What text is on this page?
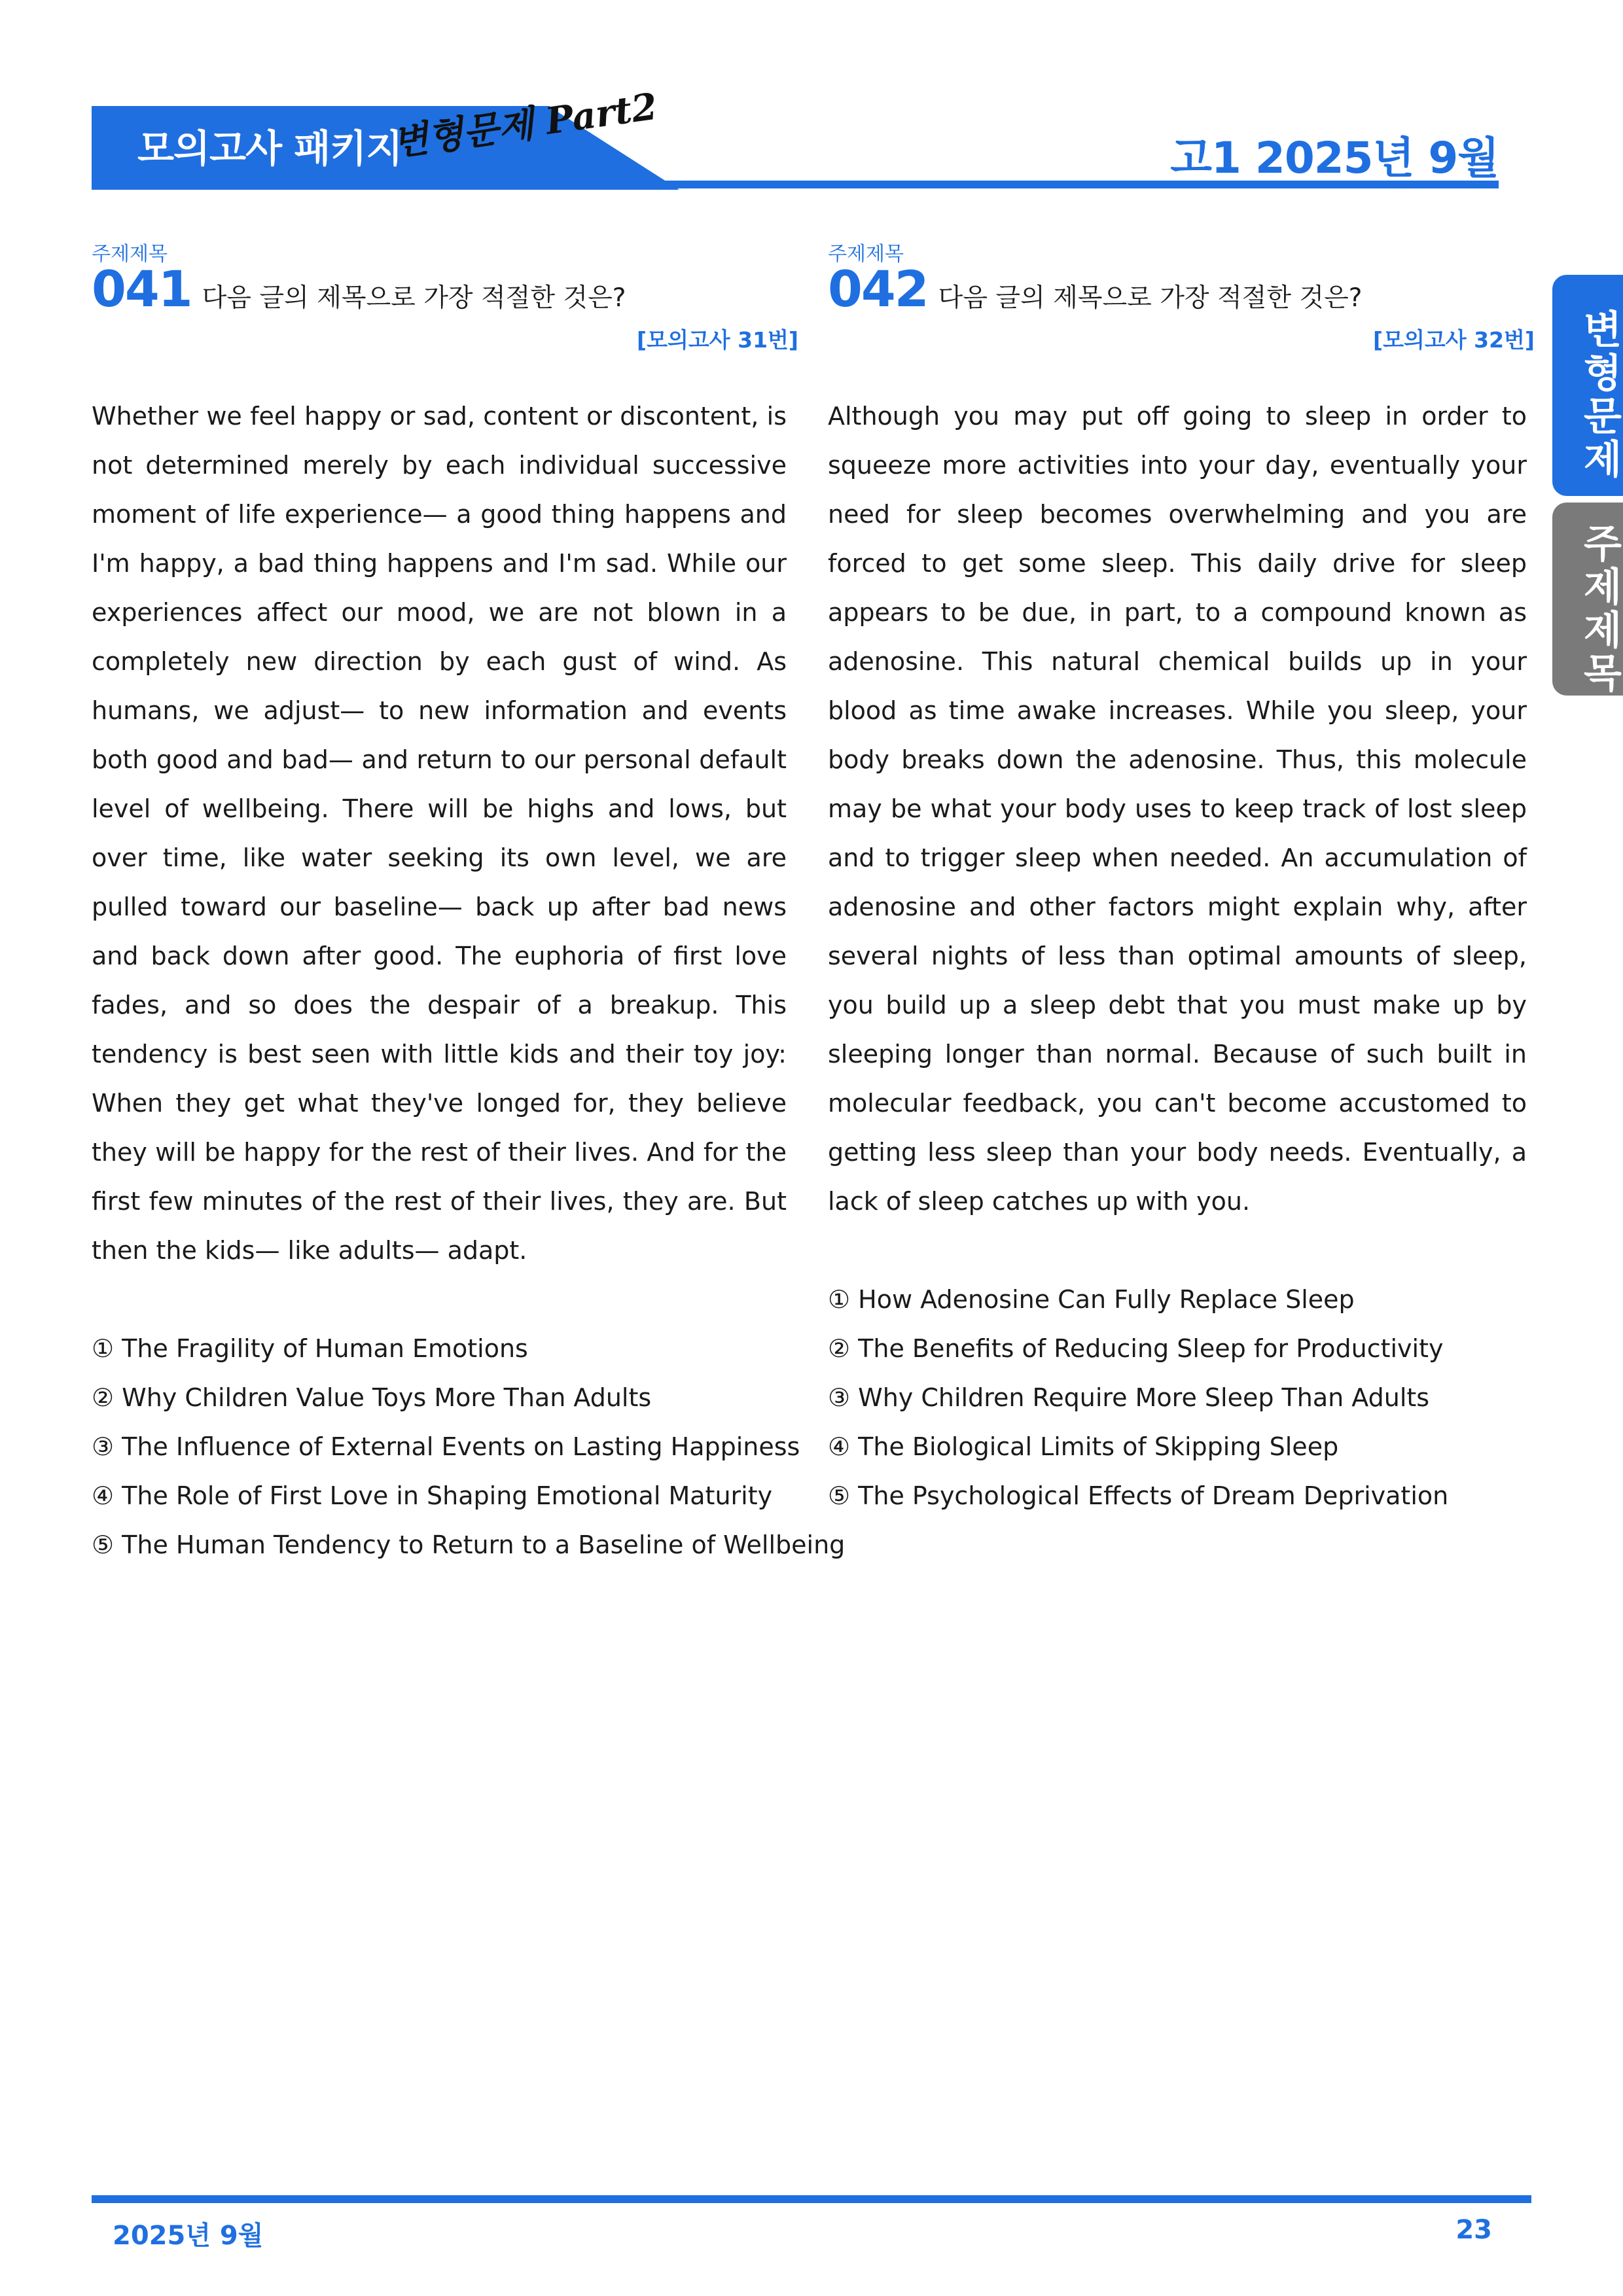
모의고사 패키지
변형문제 Part2	고1 2025년 9월
변형문제
주제제목
주제제목
041 다음 글의 제목으로 가장 적절한 것은?
[모의고사 31번]
Whether we feel happy or sad, content or discontent, is not determined merely by each individual successive moment of life experience— a good thing happens and I'm happy, a bad thing happens and I'm sad. While our experiences affect our mood, we are not blown in a completely new direction by each gust of wind. As humans, we adjust— to new information and events both good and bad— and return to our personal default level of wellbeing. There will be highs and lows, but over time, like water seeking its own level, we are pulled toward our baseline— back up after bad news and back down after good. The euphoria of first love fades, and so does the despair of a breakup. This tendency is best seen with little kids and their toy joy: When they get what they've longed for, they believe they will be happy for the rest of their lives. And for the first few minutes of the rest of their lives, they are. But then the kids— like adults— adapt.
① The Fragility of Human Emotions
② Why Children Value Toys More Than Adults
③ The Influence of External Events on Lasting Happiness
④ The Role of First Love in Shaping Emotional Maturity
⑤ The Human Tendency to Return to a Baseline of Wellbeing
주제제목
042 다음 글의 제목으로 가장 적절한 것은?
[모의고사 32번]
Although you may put off going to sleep in order to squeeze more activities into your day, eventually your need for sleep becomes overwhelming and you are forced to get some sleep. This daily drive for sleep appears to be due, in part, to a compound known as adenosine. This natural chemical builds up in your blood as time awake increases. While you sleep, your body breaks down the adenosine. Thus, this molecule may be what your body uses to keep track of lost sleep and to trigger sleep when needed. An accumulation of adenosine and other factors might explain why, after several nights of less than optimal amounts of sleep, you build up a sleep debt that you must make up by sleeping longer than normal. Because of such built in molecular feedback, you can't become accustomed to getting less sleep than your body needs. Eventually, a lack of sleep catches up with you.
① How Adenosine Can Fully Replace Sleep
② The Benefits of Reducing Sleep for Productivity
③ Why Children Require More Sleep Than Adults
④ The Biological Limits of Skipping Sleep
⑤ The Psychological Effects of Dream Deprivation
2025년 9월	23
